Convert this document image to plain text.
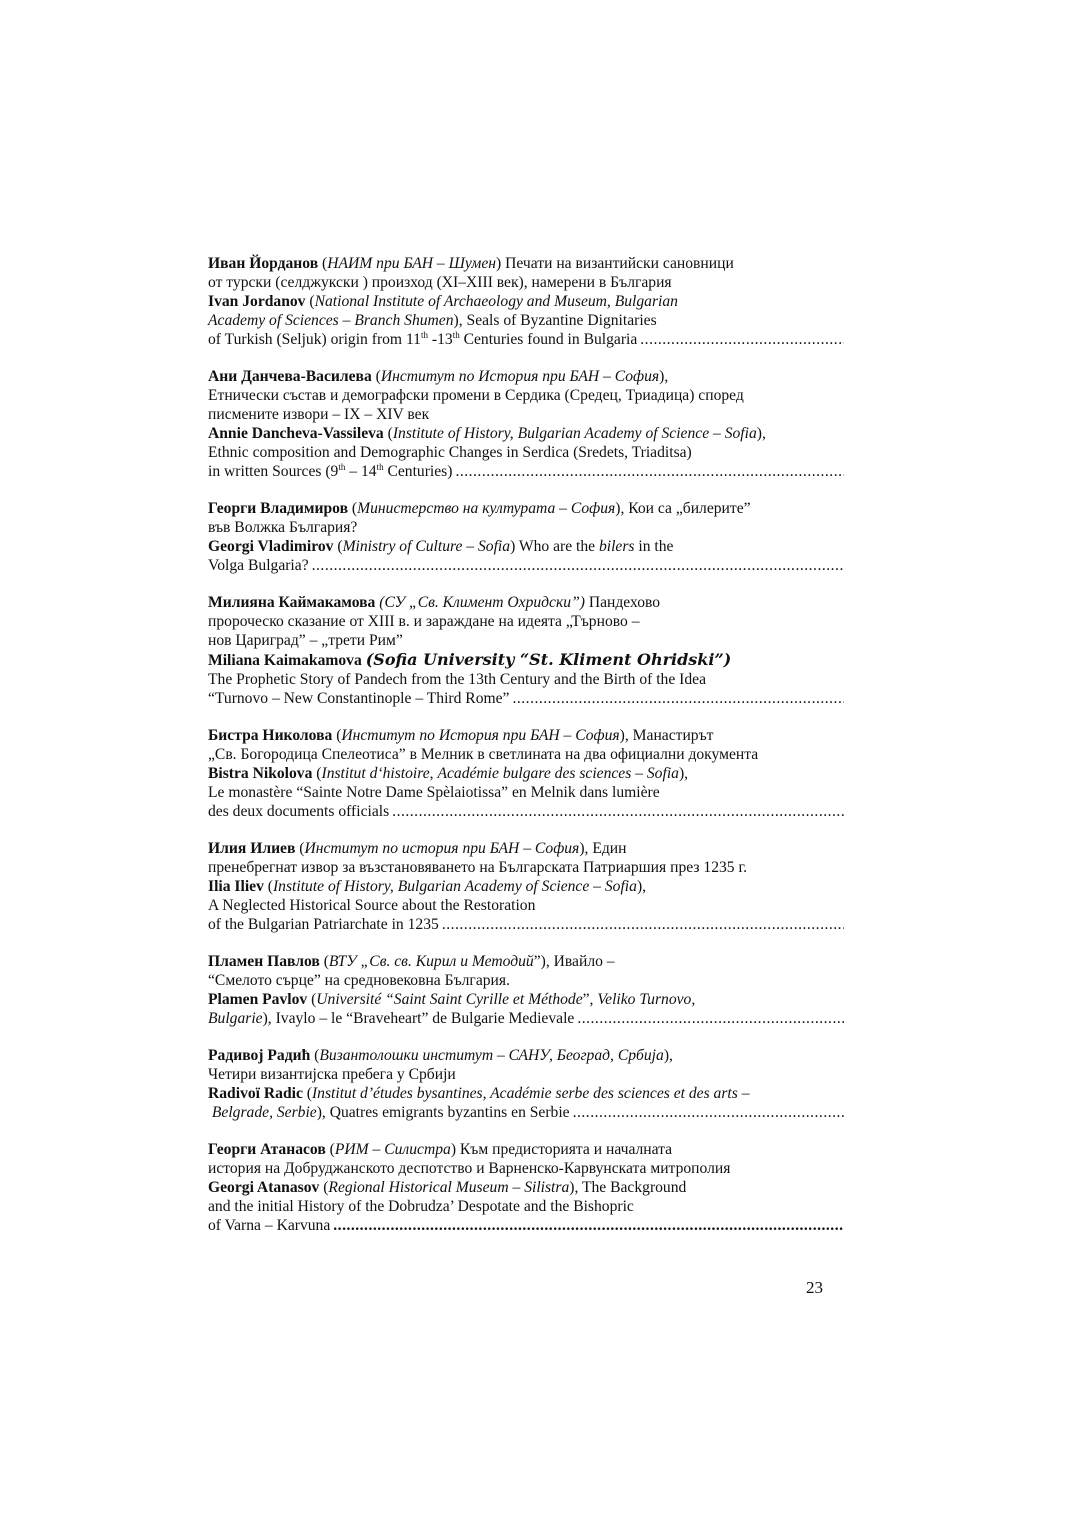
Иван Йорданов (НАИМ при БАН – Шумен) Печати на византийски сановници
от турски (селджукски ) произход (XI–XIII век), намерени в България
Ivan Jordanov (National Institute of Archaeology and Museum, Bulgarian
Academy of Sciences – Branch Shumen), Seals of Byzantine Dignitaries
of Turkish (Seljuk) origin from 11th -13th Centuries found in Bulgaria
.....
Ани Данчева-Василева (Институт по История при БАН – София),
Етнически състав и демографски промени в Сердика (Средец, Триадица) според
писмените извори – IX – XIV век
Annie Dancheva-Vassileva (Institute of History, Bulgarian Academy of Science – Sofia),
Ethnic composition and Demographic Changes in Serdica (Sredets, Triaditsa)
in written Sources (9th – 14th Centuries)
.....
Георги Владимиров (Министерство на културата – София), Кои са „билерите”
във Волжка България?
Georgi Vladimirov (Ministry of Culture – Sofia) Who are the bilers in the
Volga Bulgaria?
.....
Милияна Каймакамова (СУ „Св. Климент Охридски”) Пандехово
пророческо сказание от XIII в. и зараждане на идеята „Търново –
нов Цариград” – „трети Рим”
Miliana Kaimakamova (Sofia University “St. Kliment Ohridski”)
The Prophetic Story of Pandech from the 13th Century and the Birth of the Idea
“Turnovo – New Constantinople – Third Rome”
.....
Бистра Николова (Институт по История при БАН – София), Манастирът
„Св. Богородица Спелеотиса” в Мелник в светлината на два официални документа
Bistra Nikolova (Institut d‘histoire, Académie bulgare des sciences – Sofia),
Le monastère “Sainte Notre Dame Spèlaiotissa” en Melnik dans lumière
des deux documents officials
.....
Илия Илиев (Институт по история при БАН – София), Един
пренебрегнат извор за възстановяването на Българската Патриаршия през 1235 г.
Ilia Iliev (Institute of History, Bulgarian Academy of Science – Sofia),
A Neglected Historical Source about the Restoration
of the Bulgarian Patriarchate in 1235
.....
Пламен Павлов (ВТУ „Св. св. Кирил и Методий”), Ивайло –
“Смелото сърце” на средновековна България.
Plamen Pavlov (Université “Saint Saint Cyrille et Méthode”, Veliko Turnovo,
Bulgarie), Ivaylo – le “Braveheart” de Bulgarie Medievale
.....
Радивој Радић (Византолошки институт – САНУ, Београд, Србија),
Четири византијска пребега у Србији
Radivoï Radic (Institut d’études bysantines, Académie serbe des sciences et des arts –
Belgrade, Serbie), Quatres emigrants byzantins en Serbie
.....
Георги Атанасов (РИМ – Силистра) Към предисторията и началната
история на Добруджанското деспотство и Варненско-Карвунската митрополия
Georgi Atanasov (Regional Historical Museum – Silistra), The Background
and the initial History of the Dobrudza’ Despotate and the Bishopric
of Varna – Karvuna
.....
23
